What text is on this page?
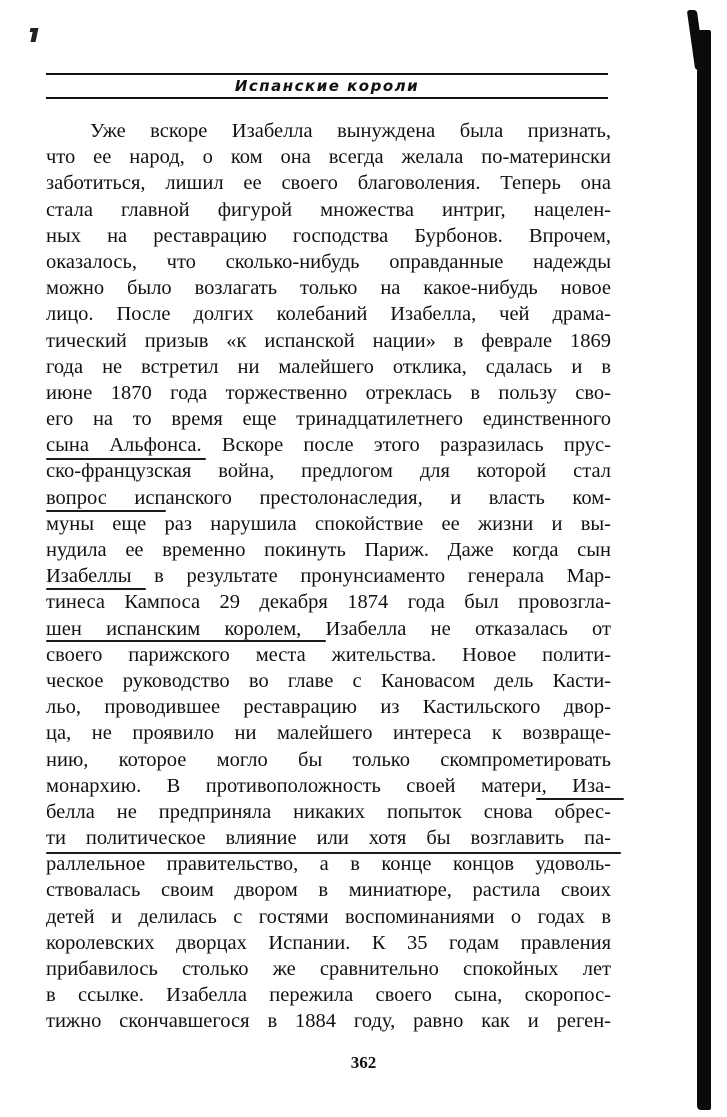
Испанские короли
Уже вскоре Изабелла вынуждена была признать,
что ее народ, о ком она всегда желала по-матерински
заботиться, лишил ее своего благоволения. Теперь она
стала главной фигурой множества интриг, нацелен-
ных на реставрацию господства Бурбонов. Впрочем,
оказалось, что сколько-нибудь оправданные надежды
можно было возлагать только на какое-нибудь новое
лицо. После долгих колебаний Изабелла, чей драма-
тический призыв «к испанской нации» в феврале 1869
года не встретил ни малейшего отклика, сдалась и в
июне 1870 года торжественно отреклась в пользу сво-
его на то время еще тринадцатилетнего единственного
сына Альфонса. Вскоре после этого разразилась прус-
ско-французская война, предлогом для которой стал
вопрос испанского престолонаследия, и власть ком-
муны еще раз нарушила спокойствие ее жизни и вы-
нудила ее временно покинуть Париж. Даже когда сын
Изабеллы в результате пронунсиаменто генерала Мар-
тинеса Кампоса 29 декабря 1874 года был провозгла-
шен испанским королем, Изабелла не отказалась от
своего парижского места жительства. Новое полити-
ческое руководство во главе с Кановасом дель Касти-
льо, проводившее реставрацию из Кастильского двор-
ца, не проявило ни малейшего интереса к возвраще-
нию, которое могло бы только скомпрометировать
монархию. В противоположность своей матери, Иза-
белла не предприняла никаких попыток снова обрес-
ти политическое влияние или хотя бы возглавить па-
раллельное правительство, а в конце концов удоволь-
ствовалась своим двором в миниатюре, растила своих
детей и делилась с гостями воспоминаниями о годах в
королевских дворцах Испании. К 35 годам правления
прибавилось столько же сравнительно спокойных лет
в ссылке. Изабелла пережила своего сына, скоропос-
тижно скончавшегося в 1884 году, равно как и реген-
362
